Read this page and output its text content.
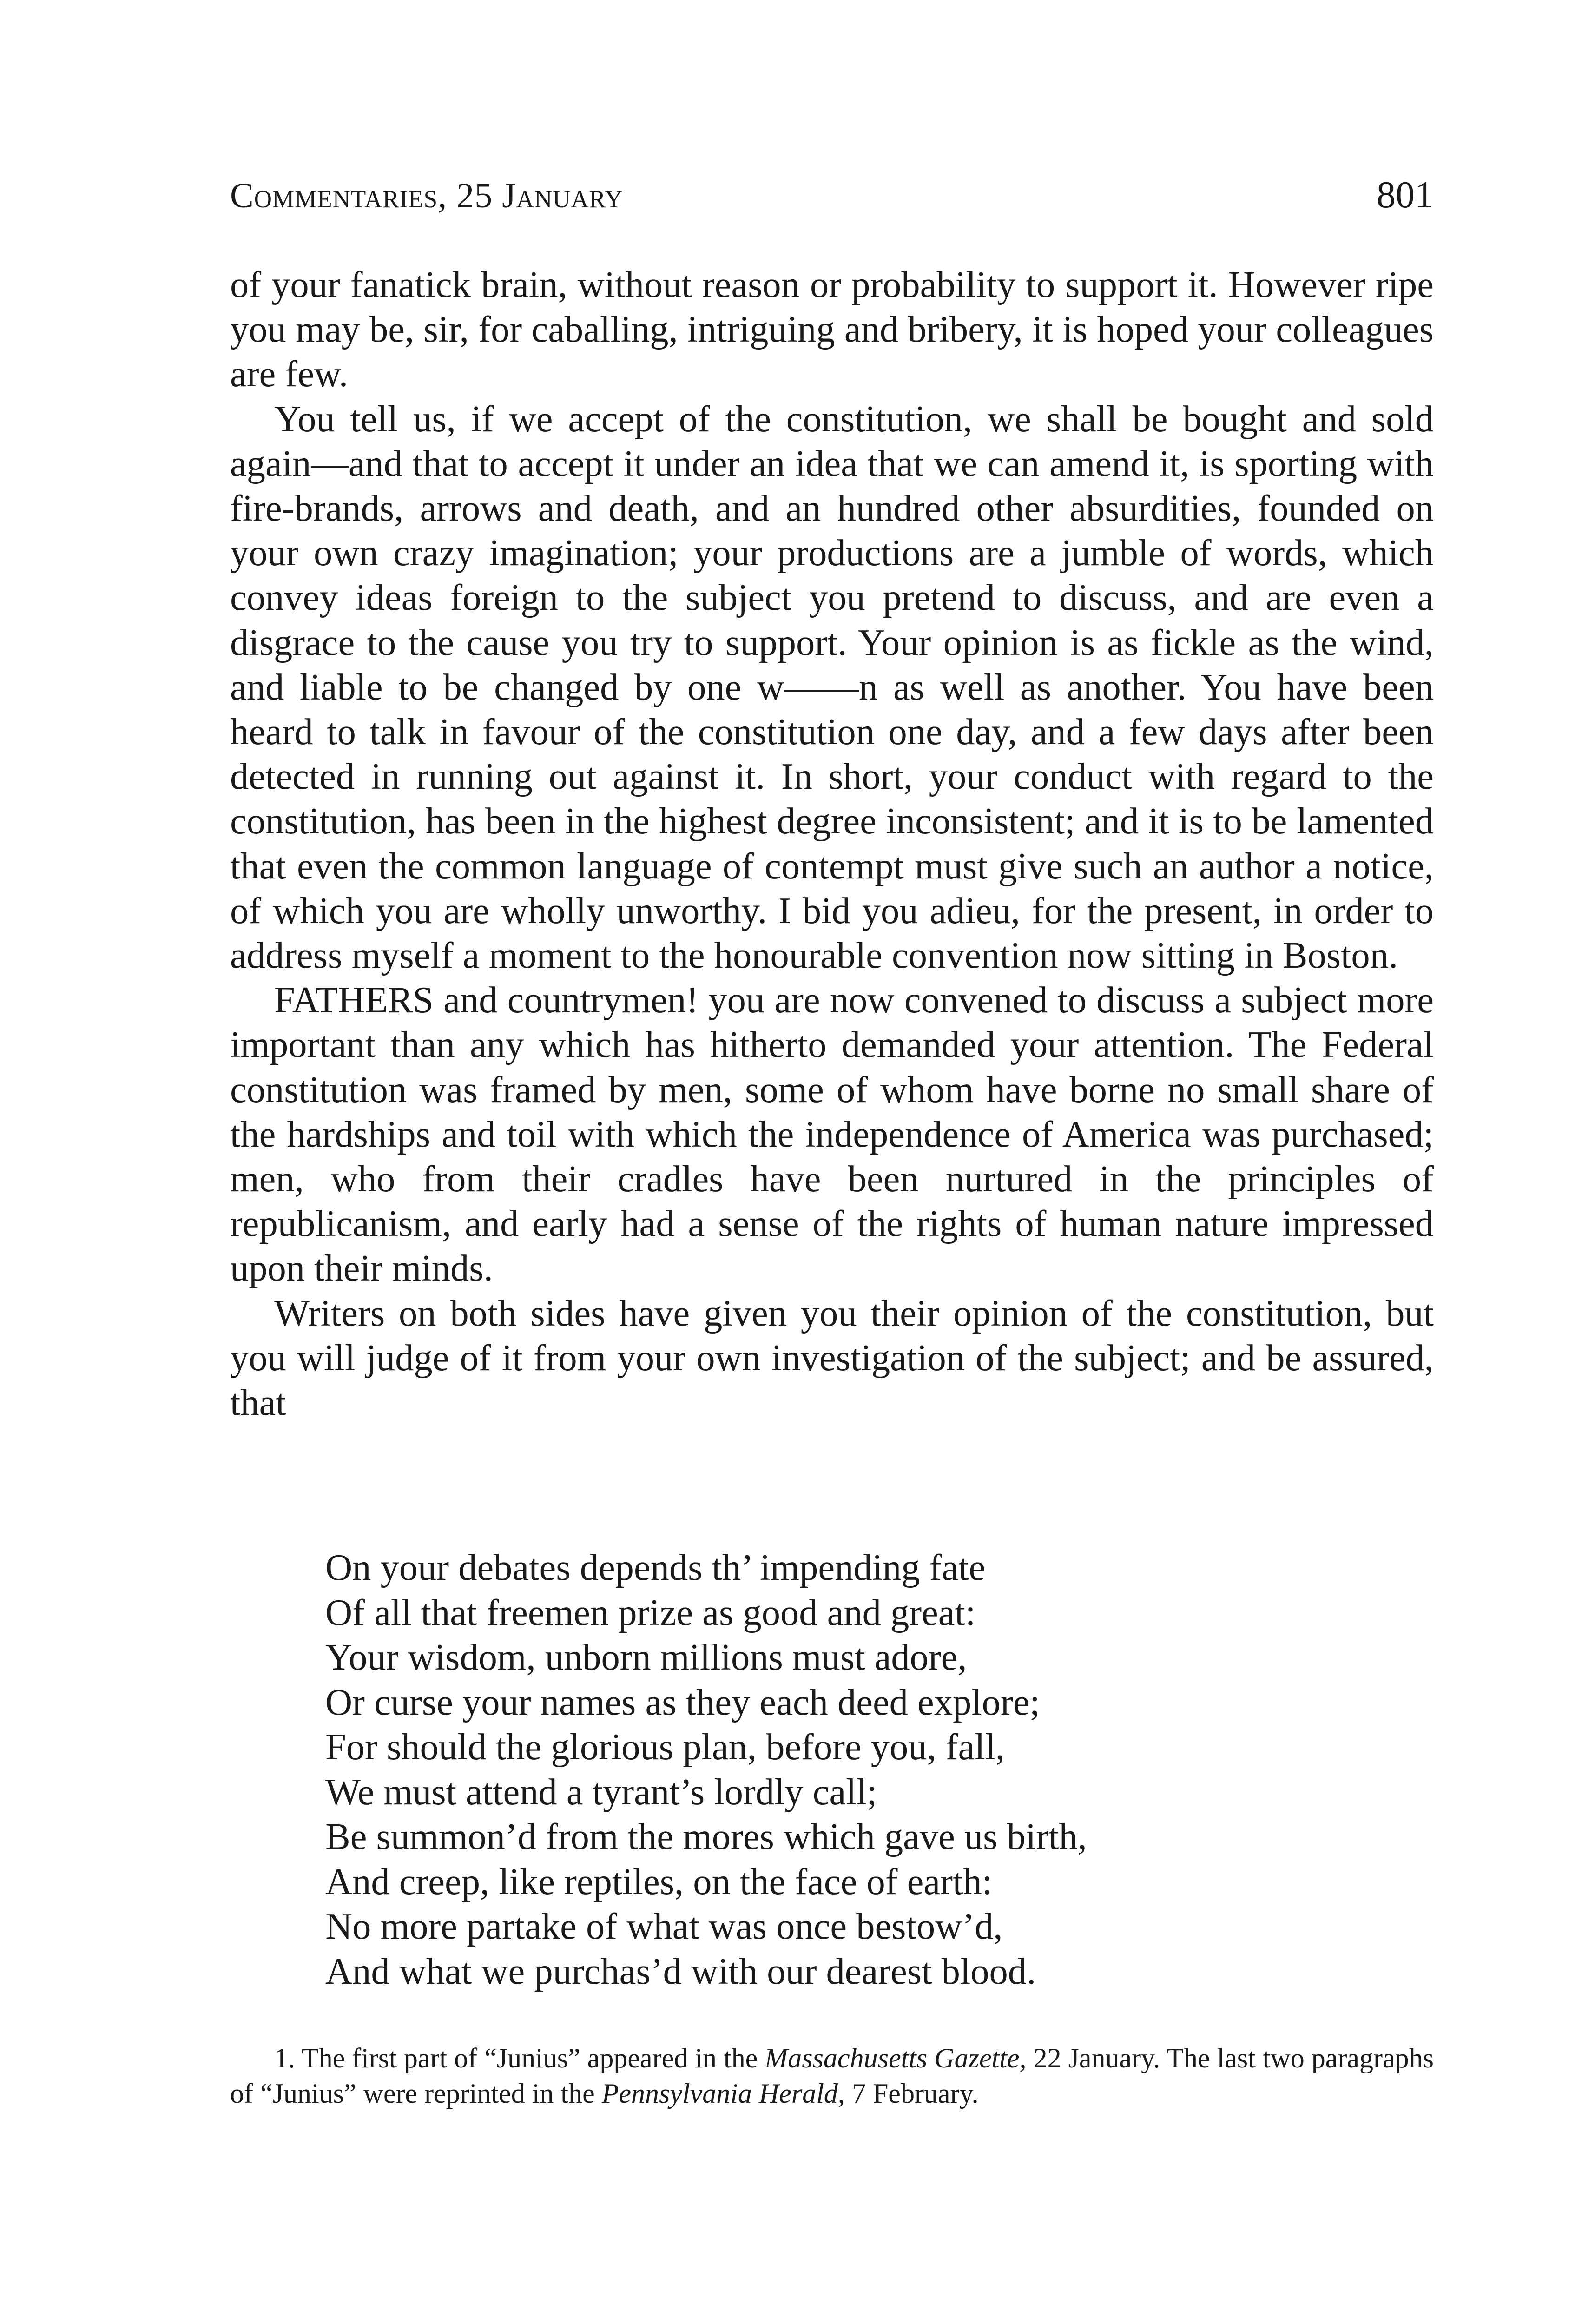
Commentaries, 25 January	801

of your fanatick brain, without reason or probability to support it. However ripe you may be, sir, for caballing, intriguing and bribery, it is hoped your colleagues are few.

You tell us, if we accept of the constitution, we shall be bought and sold again—and that to accept it under an idea that we can amend it, is sporting with fire-brands, arrows and death, and an hundred other absurdities, founded on your own crazy imagination; your productions are a jumble of words, which convey ideas foreign to the subject you pretend to discuss, and are even a disgrace to the cause you try to support. Your opinion is as fickle as the wind, and liable to be changed by one w——n as well as another. You have been heard to talk in favour of the constitution one day, and a few days after been detected in running out against it. In short, your conduct with regard to the constitution, has been in the highest degree inconsistent; and it is to be lamented that even the common language of contempt must give such an author a notice, of which you are wholly unworthy. I bid you adieu, for the present, in order to address myself a moment to the honourable convention now sitting in Boston.

FATHERS and countrymen! you are now convened to discuss a subject more important than any which has hitherto demanded your attention. The Federal constitution was framed by men, some of whom have borne no small share of the hardships and toil with which the independence of America was purchased; men, who from their cradles have been nurtured in the principles of republicanism, and early had a sense of the rights of human nature impressed upon their minds.

Writers on both sides have given you their opinion of the constitution, but you will judge of it from your own investigation of the subject; and be assured, that

On your debates depends th’ impending fate
Of all that freemen prize as good and great:
Your wisdom, unborn millions must adore,
Or curse your names as they each deed explore;
For should the glorious plan, before you, fall,
We must attend a tyrant’s lordly call;
Be summon’d from the mores which gave us birth,
And creep, like reptiles, on the face of earth:
No more partake of what was once bestow’d,
And what we purchas’d with our dearest blood.

1. The first part of “Junius” appeared in the Massachusetts Gazette, 22 January. The last two paragraphs of “Junius” were reprinted in the Pennsylvania Herald, 7 February.
